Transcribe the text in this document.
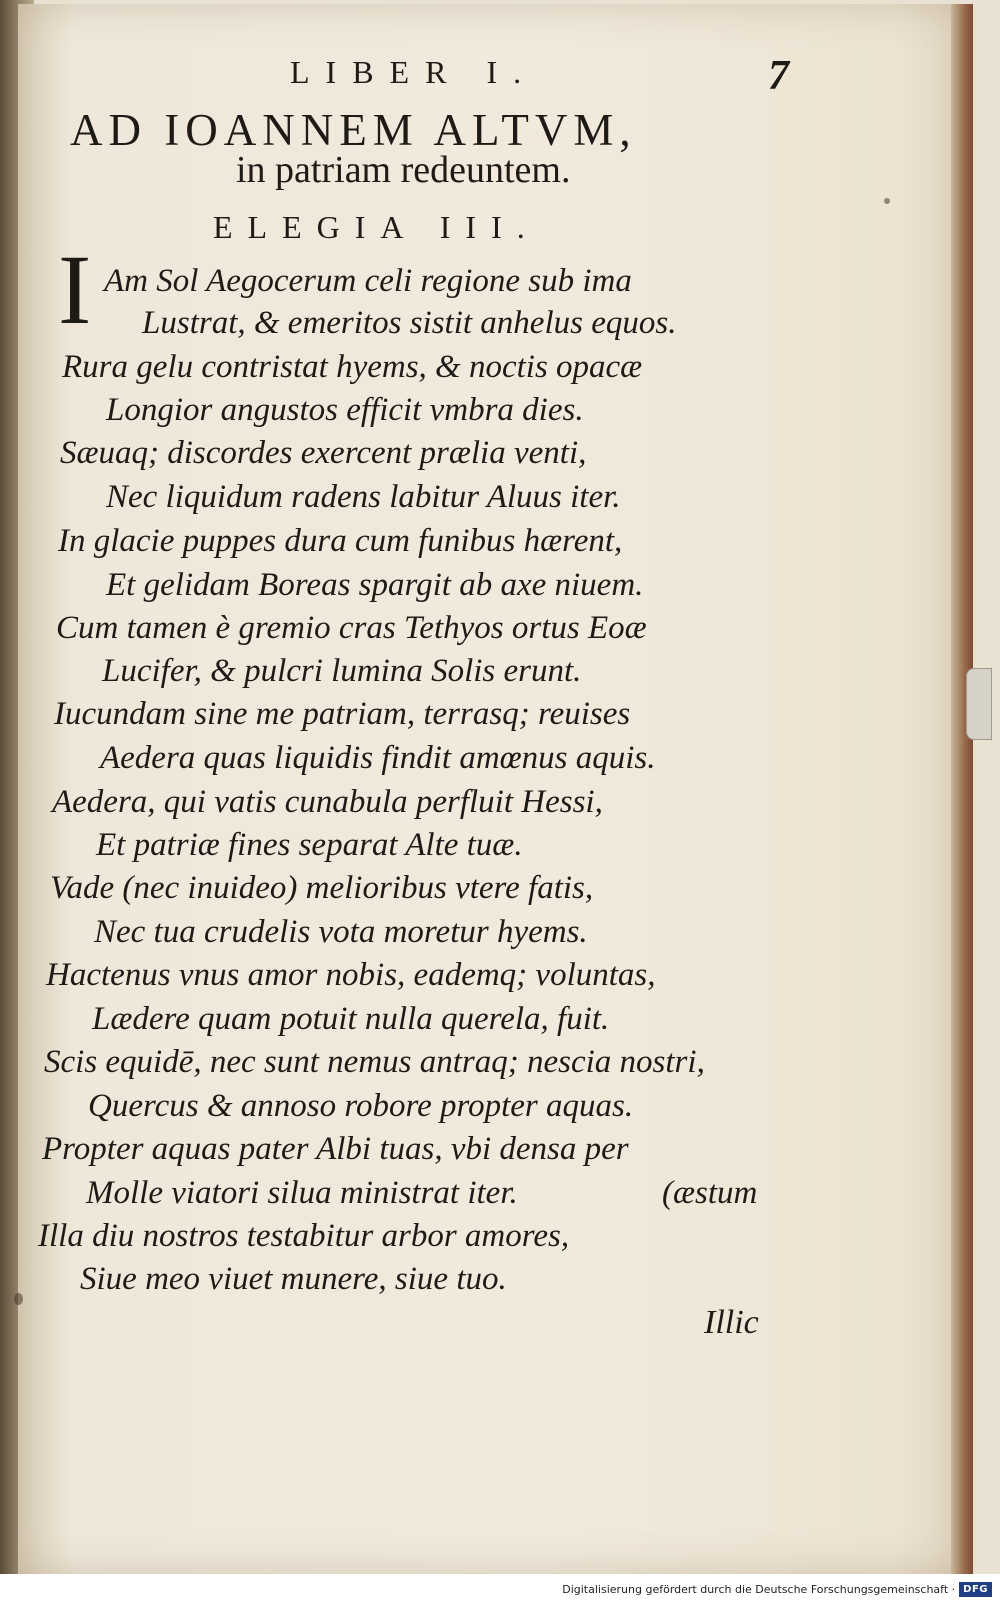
LIBER I.	7
AD IOANNEM ALTVM,
in patriam redeuntem.
ELEGIA III.
I Am Sol Aegocerum celi regione sub ima
Lustrat, & emeritos sistit anhelus equos.
Rura gelu contristat hyems, & noctis opacæ
Longior angustos efficit vmbra dies.
Sæuaq; discordes exercent prælia venti,
Nec liquidum radens labitur Aluus iter.
In glacie puppes dura cum funibus hærent,
Et gelidam Boreas spargit ab axe niuem.
Cum tamen è gremio cras Tethyos ortus Eoæ
Lucifer, & pulcri lumina Solis erunt.
Iucundam sine me patriam, terrasq; reuises
Aedera quas liquidis findit amœnus aquis.
Aedera, qui vatis cunabula perfluit Hessi,
Et patriæ fines separat Alte tuæ.
Vade (nec inuideo) melioribus vtere fatis,
Nec tua crudelis vota moretur hyems.
Hactenus vnus amor nobis, eademq; voluntas,
Lædere quam potuit nulla querela, fuit.
Scis equidē, nec sunt nemus antraq; nescia nostri,
Quercus & annoso robore propter aquas.
Propter aquas pater Albi tuas, vbi densa per
Molle viatori silua ministrat iter.	(æstum
Illa diu nostros testabitur arbor amores,
Siue meo viuet munere, siue tuo.
Illic
Digitalisierung gefördert durch die Deutsche Forschungsgemeinschaft · DFG
